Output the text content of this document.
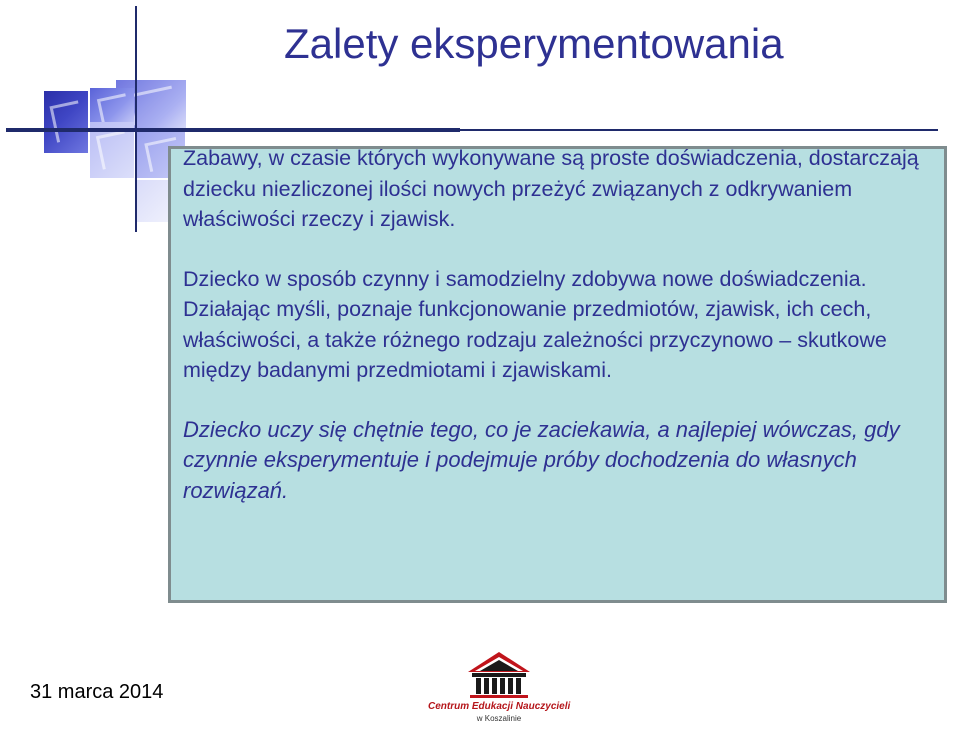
Zalety eksperymentowania

Zabawy, w czasie których wykonywane są proste doświadczenia, dostarczają dziecku niezliczonej ilości nowych przeżyć związanych z odkrywaniem właściwości rzeczy i zjawisk.

Dziecko w sposób czynny i samodzielny zdobywa nowe doświadczenia. Działając myśli, poznaje funkcjonowanie przedmiotów, zjawisk, ich cech, właściwości, a także różnego rodzaju zależności przyczynowo – skutkowe między badanymi przedmiotami i zjawiskami.

Dziecko uczy się chętnie tego, co je zaciekawia, a najlepiej wówczas, gdy czynnie eksperymentuje i podejmuje próby dochodzenia do własnych rozwiązań.

31 marca 2014
Centrum Edukacji Nauczycieli
w Koszalinie
